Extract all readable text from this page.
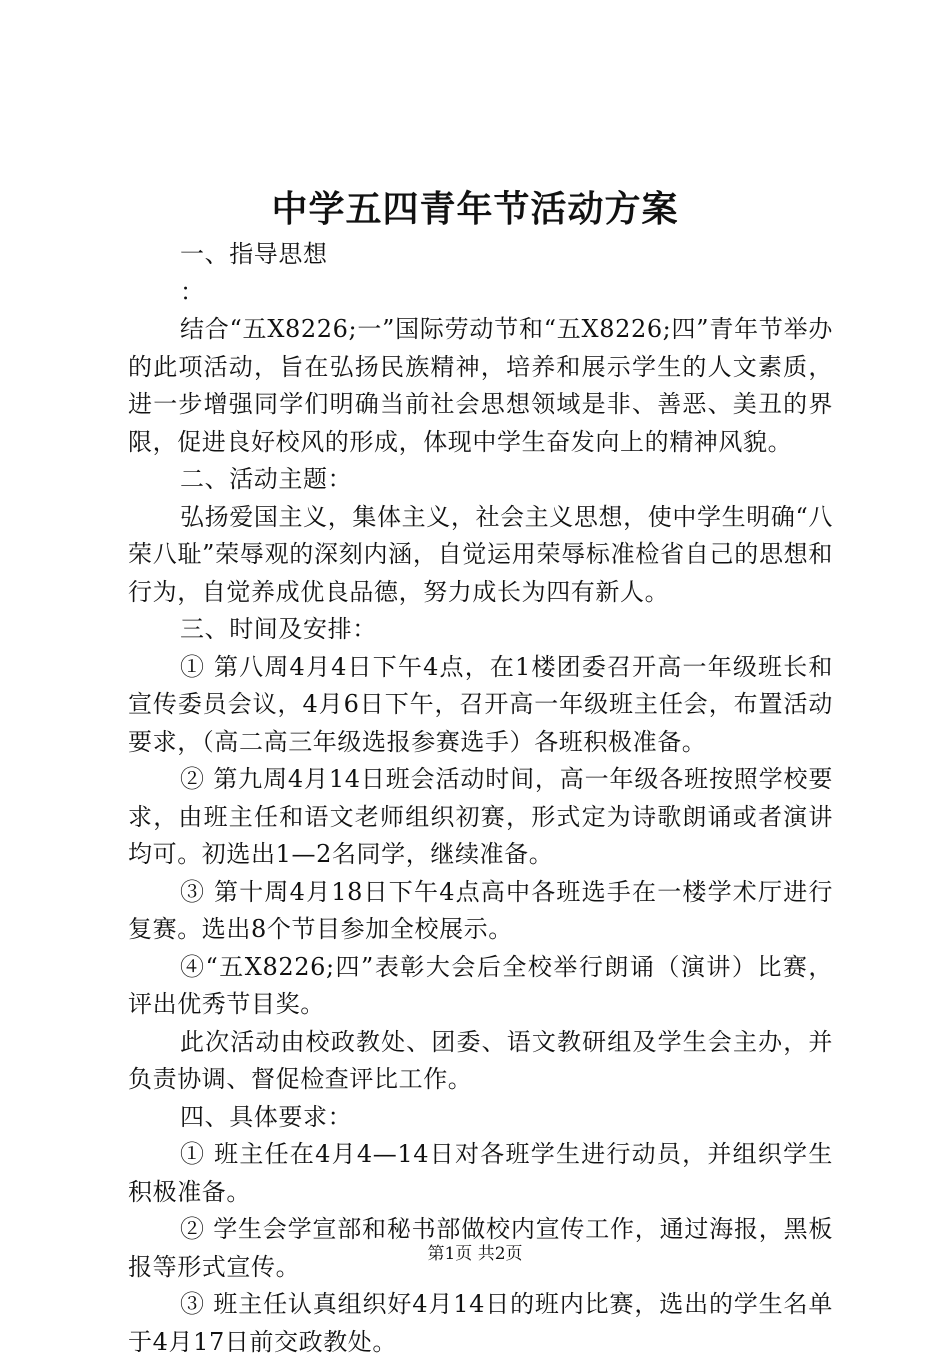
中学五四青年节活动方案

一、指导思想

：

结合“五X8226;一”国际劳动节和“五X8226;四”青年节举办的此项活动，旨在弘扬民族精神，培养和展示学生的人文素质，进一步增强同学们明确当前社会思想领域是非、善恶、美丑的界限，促进良好校风的形成，体现中学生奋发向上的精神风貌。

二、活动主题：

弘扬爱国主义，集体主义，社会主义思想，使中学生明确“八荣八耻”荣辱观的深刻内涵，自觉运用荣辱标准检省自己的思想和行为，自觉养成优良品德，努力成长为四有新人。

三、时间及安排：

① 第八周4月4日下午4点，在1楼团委召开高一年级班长和宣传委员会议，4月6日下午，召开高一年级班主任会，布置活动要求，（高二高三年级选报参赛选手）各班积极准备。

② 第九周4月14日班会活动时间，高一年级各班按照学校要求，由班主任和语文老师组织初赛，形式定为诗歌朗诵或者演讲均可。初选出1—2名同学，继续准备。

③ 第十周4月18日下午4点高中各班选手在一楼学术厅进行复赛。选出8个节目参加全校展示。

④“五X8226;四”表彰大会后全校举行朗诵（演讲）比赛，评出优秀节目奖。

此次活动由校政教处、团委、语文教研组及学生会主办，并负责协调、督促检查评比工作。

四、具体要求：

① 班主任在4月4—14日对各班学生进行动员，并组织学生积极准备。

② 学生会学宣部和秘书部做校内宣传工作，通过海报，黑板报等形式宣传。

③ 班主任认真组织好4月14日的班内比赛，选出的学生名单于4月17日前交政教处。

第1页 共2页
